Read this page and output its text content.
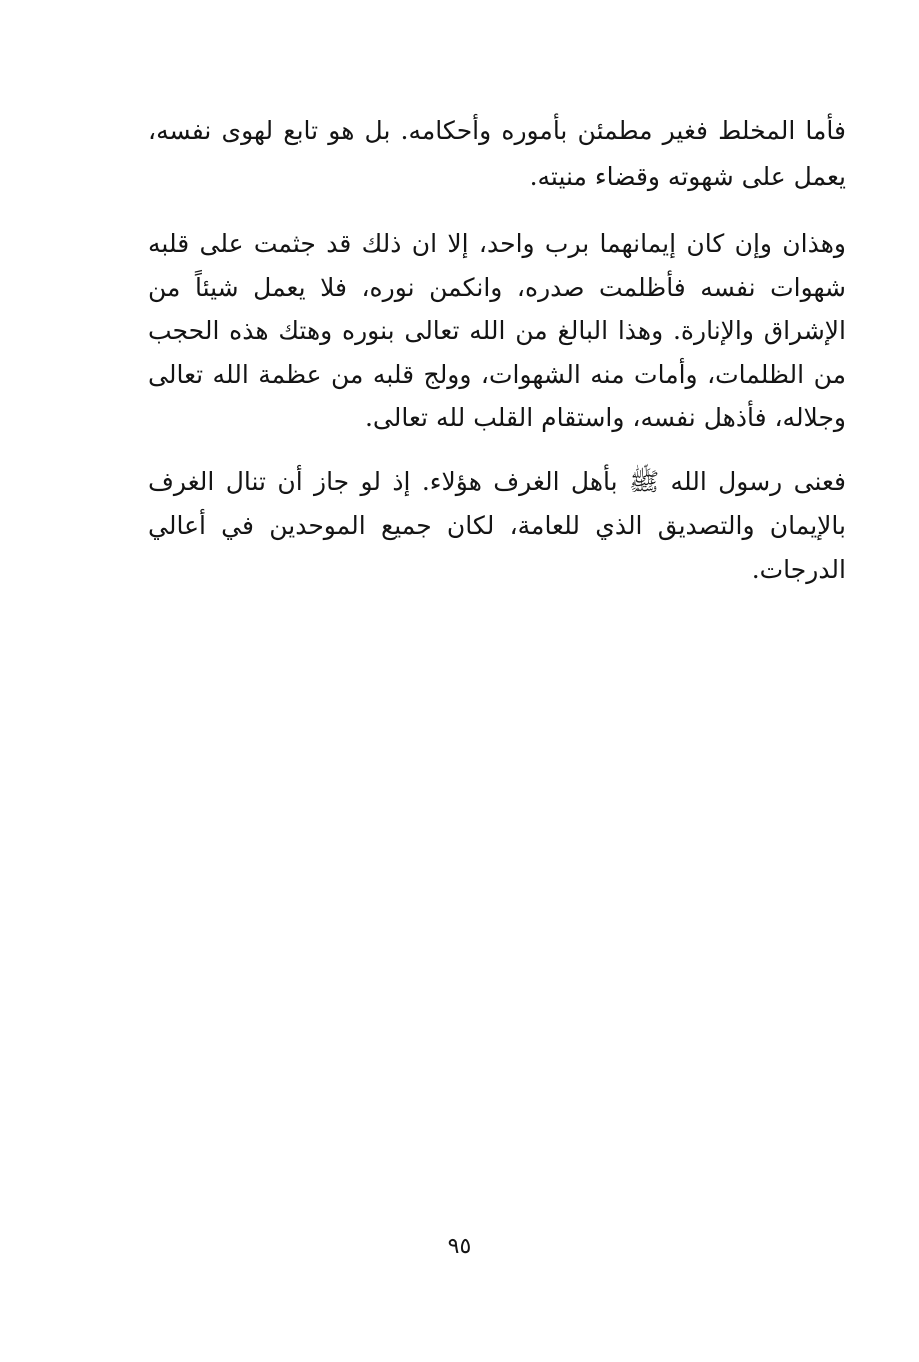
فأما المخلط فغير مطمئن بأموره وأحكامه. بل هو تابع لهوى نفسه، يعمل على شهوته وقضاء منيته.

وهذان وإن كان إيمانهما برب واحد، إلا ان ذلك قد جثمت على قلبه شهوات نفسه فأظلمت صدره، وانكمن نوره، فلا يعمل شيئاً من الإشراق والإنارة. وهذا البالغ من الله تعالى بنوره وهتك هذه الحجب من الظلمات، وأمات منه الشهوات، وولج قلبه من عظمة الله تعالى وجلاله، فأذهل نفسه، واستقام القلب لله تعالى.

فعنى رسول الله ﷺ بأهل الغرف هؤلاء. إذ لو جاز أن تنال الغرف بالإيمان والتصديق الذي للعامة، لكان جميع الموحدين في أعالي الدرجات.

٩٥
